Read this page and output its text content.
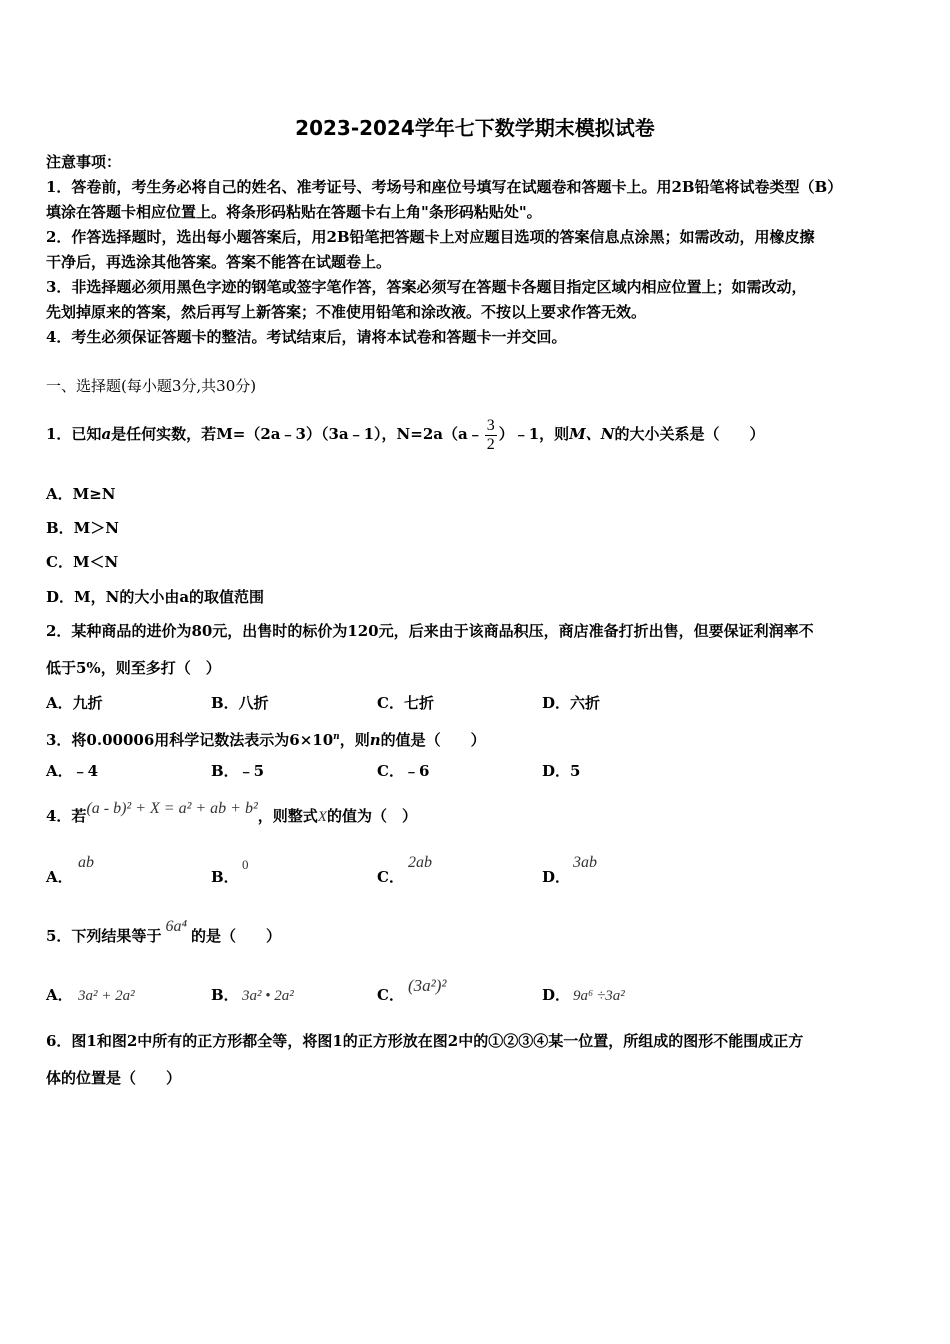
2023-2024学年七下数学期末模拟试卷
注意事项：
1．答卷前，考生务必将自己的姓名、准考证号、考场号和座位号填写在试题卷和答题卡上。用2B铅笔将试卷类型（B）
填涂在答题卡相应位置上。将条形码粘贴在答题卡右上角"条形码粘贴处"。
2．作答选择题时，选出每小题答案后，用2B铅笔把答题卡上对应题目选项的答案信息点涂黑；如需改动，用橡皮擦
干净后，再选涂其他答案。答案不能答在试题卷上。
3．非选择题必须用黑色字迹的钢笔或签字笔作答，答案必须写在答题卡各题目指定区域内相应位置上；如需改动，
先划掉原来的答案，然后再写上新答案；不准使用铅笔和涂改液。不按以上要求作答无效。
4．考生必须保证答题卡的整洁。考试结束后，请将本试卷和答题卡一并交回。
一、选择题(每小题3分,共30分)
1．已知a是任何实数，若M=（2a﹣3）（3a﹣1），N=2a（a﹣ $\frac{3}{2}$ ）﹣1，则M、N的大小关系是（　　）
A．M≥N
B．M＞N
C．M＜N
D．M，N的大小由a的取值范围
2．某种商品的进价为80元，出售时的标价为120元，后来由于该商品积压，商店准备打折出售，但要保证利润率不
低于5%，则至多打（　）
A．九折	B．八折	C．七折	D．六折
3．将0.00006用科学记数法表示为$6\times 10^n$，则n的值是（　　）
A．﹣4	B．﹣5	C．﹣6	D．5
4．若(a - b)² + X = a² + ab + b²，则整式X的值为（　）
A．
ab
B．
0
C．
2ab
D．
3ab
5．下列结果等于6a⁴的是（　　）
A． 3a² + 2a²	B． 3a² • 2a²	C． (3a²)²	D． 9a⁶ ÷3a²
6．图1和图2中所有的正方形都全等，将图1的正方形放在图2中的①②③④某一位置，所组成的图形不能围成正方
体的位置是（　　）
